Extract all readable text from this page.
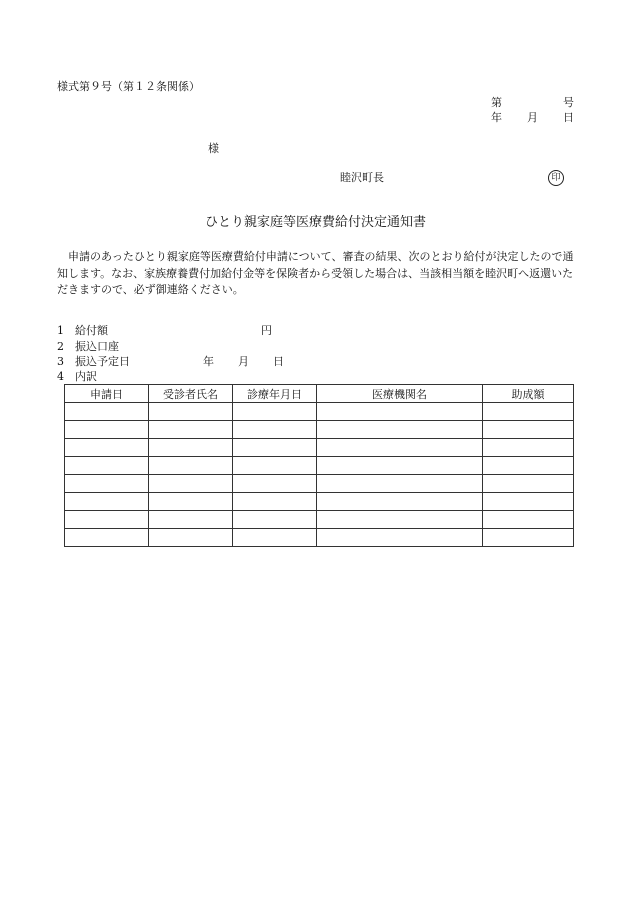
様式第９号（第１２条関係）
第	号
年 月 日
様
睦沢町長	印
ひとり親家庭等医療費給付決定通知書
申請のあったひとり親家庭等医療費給付申請について、審査の結果、次のとおり給付が決定したので通知します。なお、家族療養費付加給付金等を保険者から受領した場合は、当該相当額を睦沢町へ返還いただきますので、必ず御連絡ください。
1 給付額	円
2 振込口座
3 振込予定日	年 月 日
4 内訳
申請日	受診者氏名	診療年月日	医療機関名	助成額
